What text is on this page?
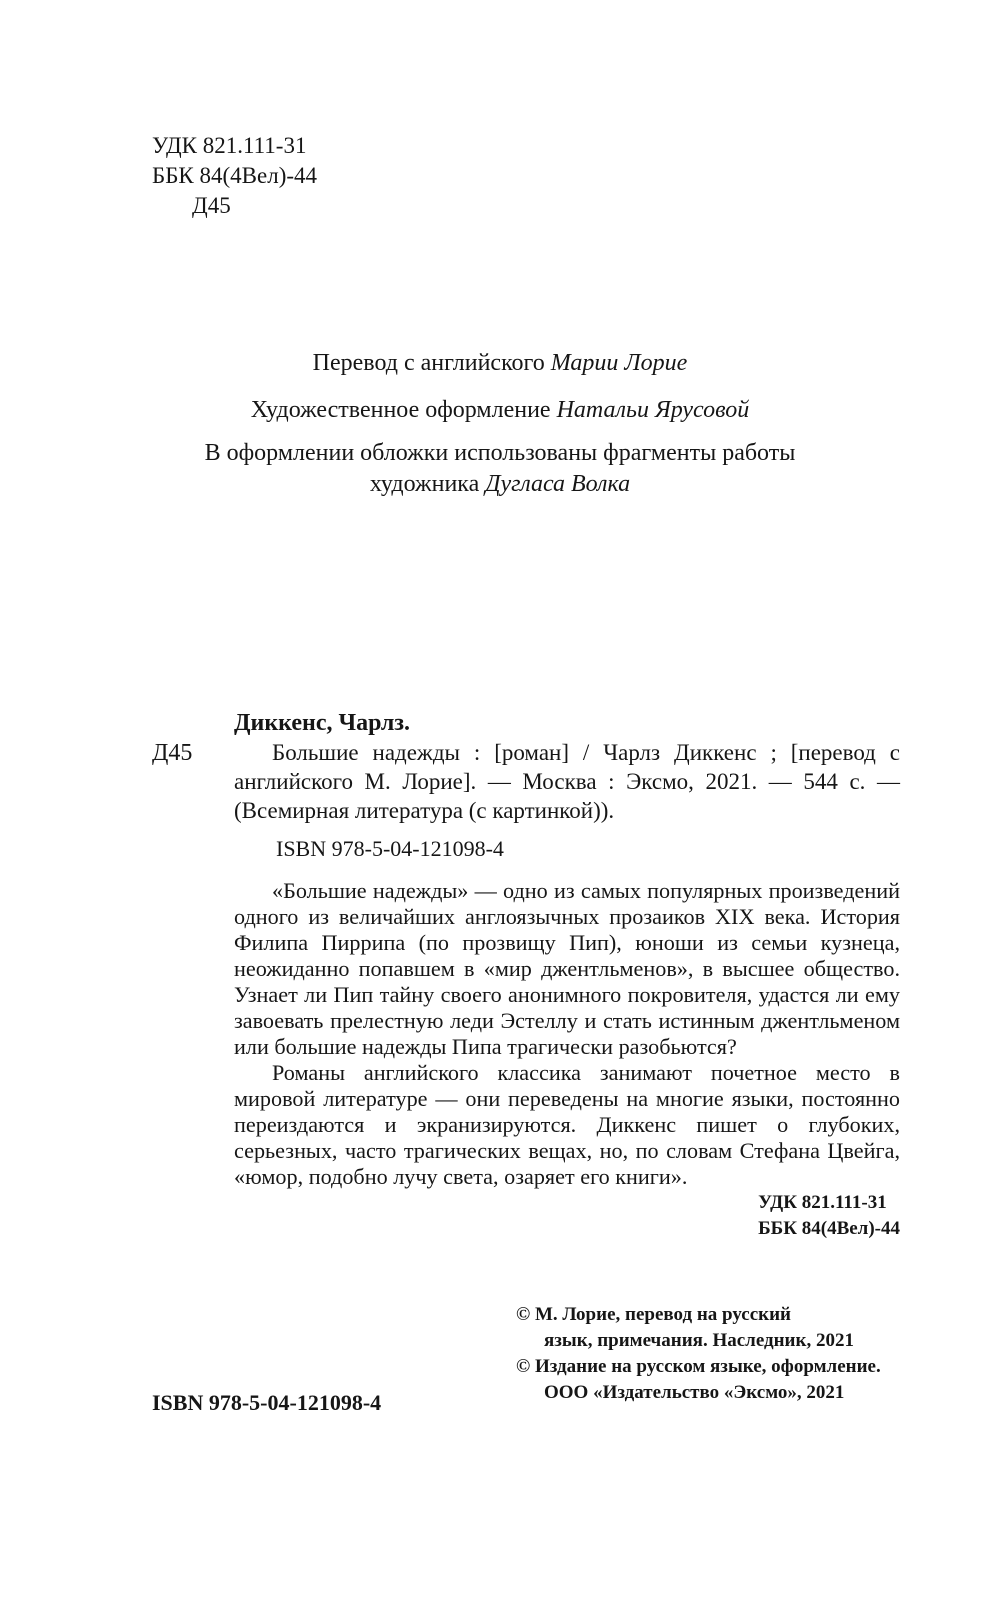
УДК 821.111-31
ББК 84(4Вел)-44
Д45
Перевод с английского Марии Лорие
Художественное оформление Натальи Ярусовой
В оформлении обложки использованы фрагменты работы
художника Дугласа Волка
Диккенс, Чарлз.
Д45	Большие надежды : [роман] / Чарлз Диккенс ; [перевод с английского М. Лорие]. — Москва : Эксмо, 2021. — 544 с. — (Всемирная литература (с картинкой)).
ISBN 978-5-04-121098-4

«Большие надежды» — одно из самых популярных произведений одного из величайших англоязычных прозаиков XIX века. История Филипа Пиррипа (по прозвищу Пип), юноши из семьи кузнеца, неожиданно попавшем в «мир джентльменов», в высшее общество. Узнает ли Пип тайну своего анонимного покровителя, удастся ли ему завоевать прелестную леди Эстеллу и стать истинным джентльменом или большие надежды Пипа трагически разобьются?

Романы английского классика занимают почетное место в мировой литературе — они переведены на многие языки, постоянно переиздаются и экранизируются. Диккенс пишет о глубоких, серьезных, часто трагических вещах, но, по словам Стефана Цвейга, «юмор, подобно лучу света, озаряет его книги».

УДК 821.111-31
ББК 84(4Вел)-44
© М. Лорие, перевод на русский
язык, примечания. Наследник, 2021
© Издание на русском языке, оформление.
ООО «Издательство «Эксмо», 2021
ISBN 978-5-04-121098-4
